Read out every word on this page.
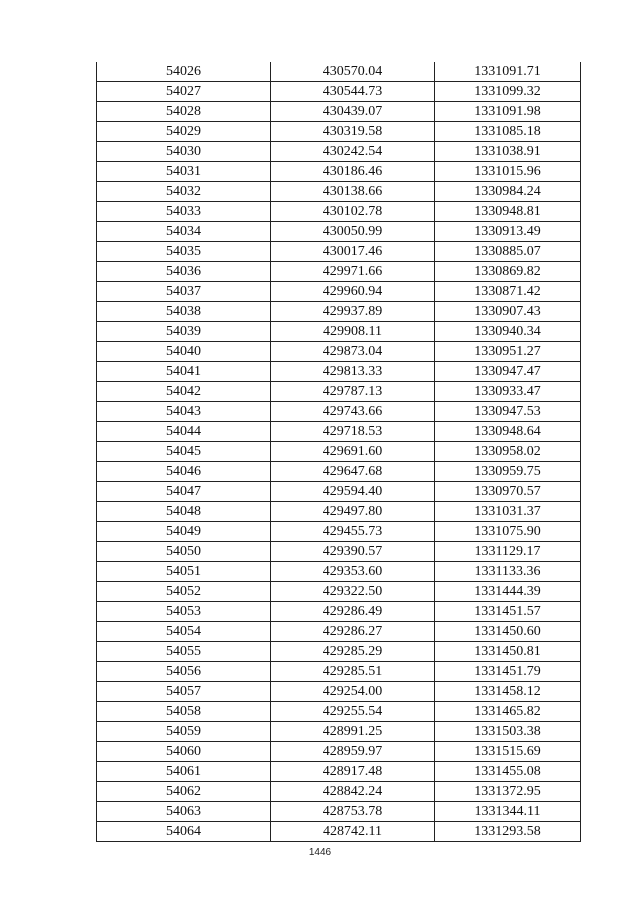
54026	430570.04	1331091.71
54027	430544.73	1331099.32
54028	430439.07	1331091.98
54029	430319.58	1331085.18
54030	430242.54	1331038.91
54031	430186.46	1331015.96
54032	430138.66	1330984.24
54033	430102.78	1330948.81
54034	430050.99	1330913.49
54035	430017.46	1330885.07
54036	429971.66	1330869.82
54037	429960.94	1330871.42
54038	429937.89	1330907.43
54039	429908.11	1330940.34
54040	429873.04	1330951.27
54041	429813.33	1330947.47
54042	429787.13	1330933.47
54043	429743.66	1330947.53
54044	429718.53	1330948.64
54045	429691.60	1330958.02
54046	429647.68	1330959.75
54047	429594.40	1330970.57
54048	429497.80	1331031.37
54049	429455.73	1331075.90
54050	429390.57	1331129.17
54051	429353.60	1331133.36
54052	429322.50	1331444.39
54053	429286.49	1331451.57
54054	429286.27	1331450.60
54055	429285.29	1331450.81
54056	429285.51	1331451.79
54057	429254.00	1331458.12
54058	429255.54	1331465.82
54059	428991.25	1331503.38
54060	428959.97	1331515.69
54061	428917.48	1331455.08
54062	428842.24	1331372.95
54063	428753.78	1331344.11
54064	428742.11	1331293.58
1446
